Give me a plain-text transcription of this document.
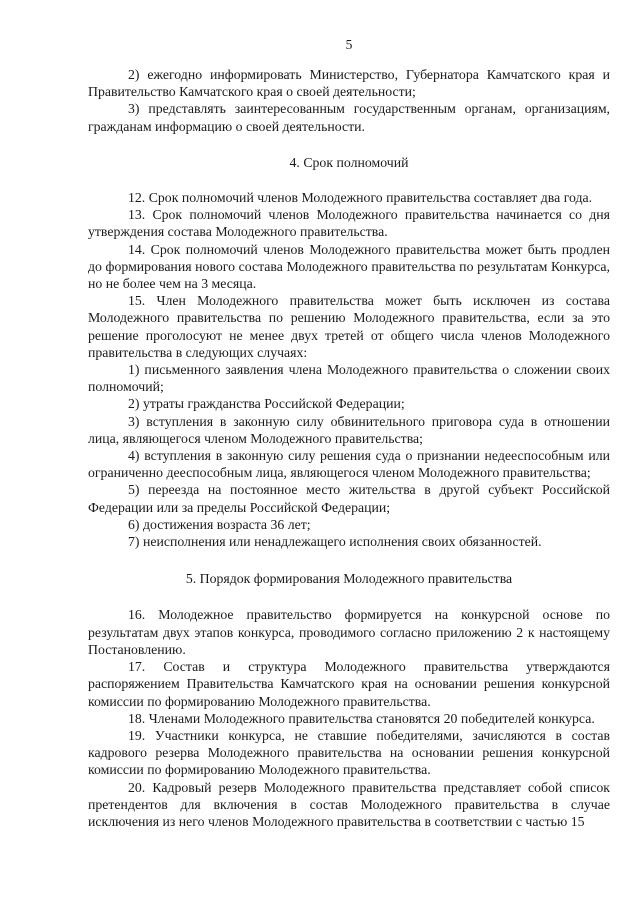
5

2) ежегодно информировать Министерство, Губернатора Камчатского края и Правительство Камчатского края о своей деятельности;

3) представлять заинтересованным государственным органам, организациям, гражданам информацию о своей деятельности.

4. Срок полномочий

12. Срок полномочий членов Молодежного правительства составляет два года.

13. Срок полномочий членов Молодежного правительства начинается со дня утверждения состава Молодежного правительства.

14. Срок полномочий членов Молодежного правительства может быть продлен до формирования нового состава Молодежного правительства по результатам Конкурса, но не более чем на 3 месяца.

15. Член Молодежного правительства может быть исключен из состава Молодежного правительства по решению Молодежного правительства, если за это решение проголосуют не менее двух третей от общего числа членов Молодежного правительства в следующих случаях:

1) письменного заявления члена Молодежного правительства о сложении своих полномочий;

2) утраты гражданства Российской Федерации;

3) вступления в законную силу обвинительного приговора суда в отношении лица, являющегося членом Молодежного правительства;

4) вступления в законную силу решения суда о признании недееспособным или ограниченно дееспособным лица, являющегося членом Молодежного правительства;

5) переезда на постоянное место жительства в другой субъект Российской Федерации или за пределы Российской Федерации;

6) достижения возраста 36 лет;

7) неисполнения или ненадлежащего исполнения своих обязанностей.

5. Порядок формирования Молодежного правительства

16. Молодежное правительство формируется на конкурсной основе по результатам двух этапов конкурса, проводимого согласно приложению 2 к настоящему Постановлению.

17. Состав и структура Молодежного правительства утверждаются распоряжением Правительства Камчатского края на основании решения конкурсной комиссии по формированию Молодежного правительства.

18. Членами Молодежного правительства становятся 20 победителей конкурса.

19. Участники конкурса, не ставшие победителями, зачисляются в состав кадрового резерва Молодежного правительства на основании решения конкурсной комиссии по формированию Молодежного правительства.

20. Кадровый резерв Молодежного правительства представляет собой список претендентов для включения в состав Молодежного правительства в случае исключения из него членов Молодежного правительства в соответствии с частью 15
